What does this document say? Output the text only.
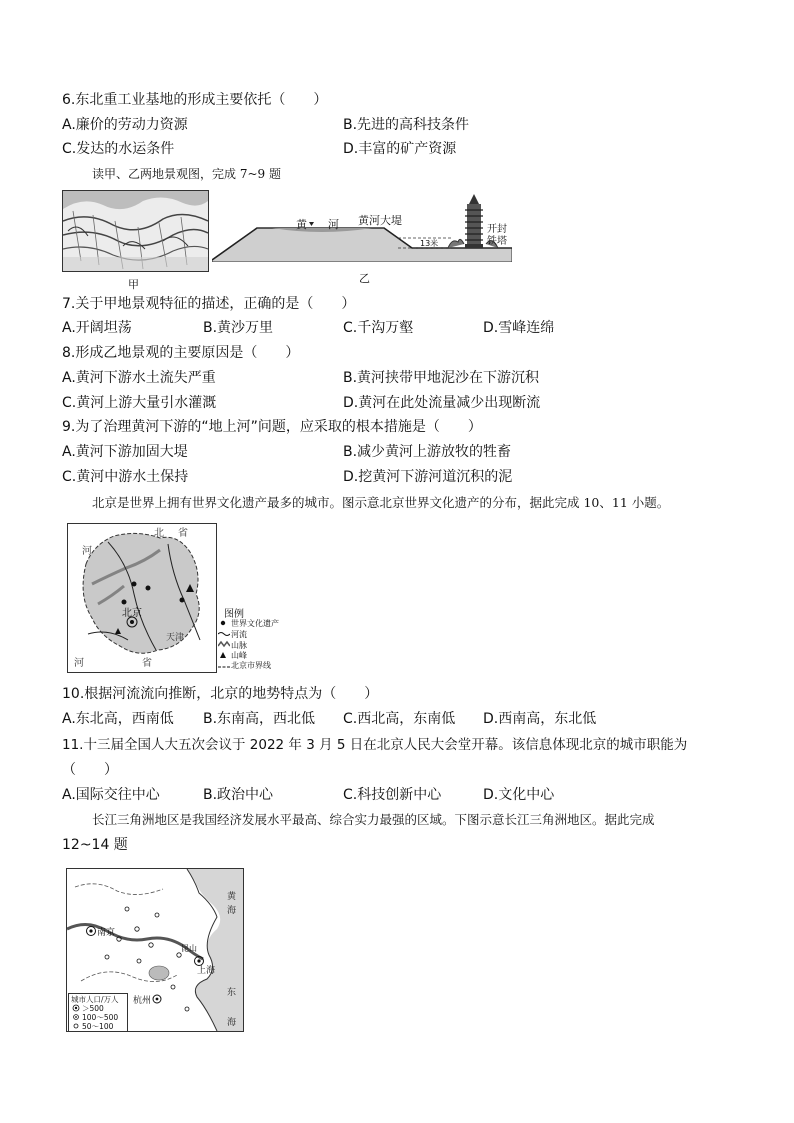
6.东北重工业基地的形成主要依托（　　）
A.廉价的劳动力资源	B.先进的高科技条件
C.发达的水运条件	D.丰富的矿产资源
读甲、乙两地景观图，完成 7~9 题
甲
黄 河 黄河大堤
13米
开封
铁塔
乙
7.关于甲地景观特征的描述，正确的是（　　）
A.开阔坦荡	B.黄沙万里	C.千沟万壑	D.雪峰连绵
8.形成乙地景观的主要原因是（　　）
A.黄河下游水土流失严重	B.黄河挟带甲地泥沙在下游沉积
C.黄河上游大量引水灌溉	D.黄河在此处流量减少出现断流
9.为了治理黄河下游的“地上河”问题，应采取的根本措施是（　　）
A.黄河下游加固大堤	B.减少黄河上游放牧的牲畜
C.黄河中游水土保持	D.挖黄河下游河道沉积的泥
北京是世界上拥有世界文化遗产最多的城市。图示意北京世界文化遗产的分布，据此完成 10、11 小题。
北京
河
北 省
天津
河	省
图例
世界文化遗产
河流
山脉
山峰
北京市界线
10.根据河流流向推断，北京的地势特点为（　　）
A.东北高，西南低 B.东南高，西北低 C.西北高，东南低 D.西南高，东北低
11.十三届全国人大五次会议于 2022 年 3 月 5 日在北京人民大会堂开幕。该信息体现北京的城市职能为
（　　）
A.国际交往中心	B.政治中心	C.科技创新中心	D.文化中心
长江三角洲地区是我国经济发展水平最高、综合实力最强的区域。下图示意长江三角洲地区。据此完成
12~14 题
黄
海
东
海
南京
上海
杭州
昆山
城市人口/万人
＞500
100～500
50～100
